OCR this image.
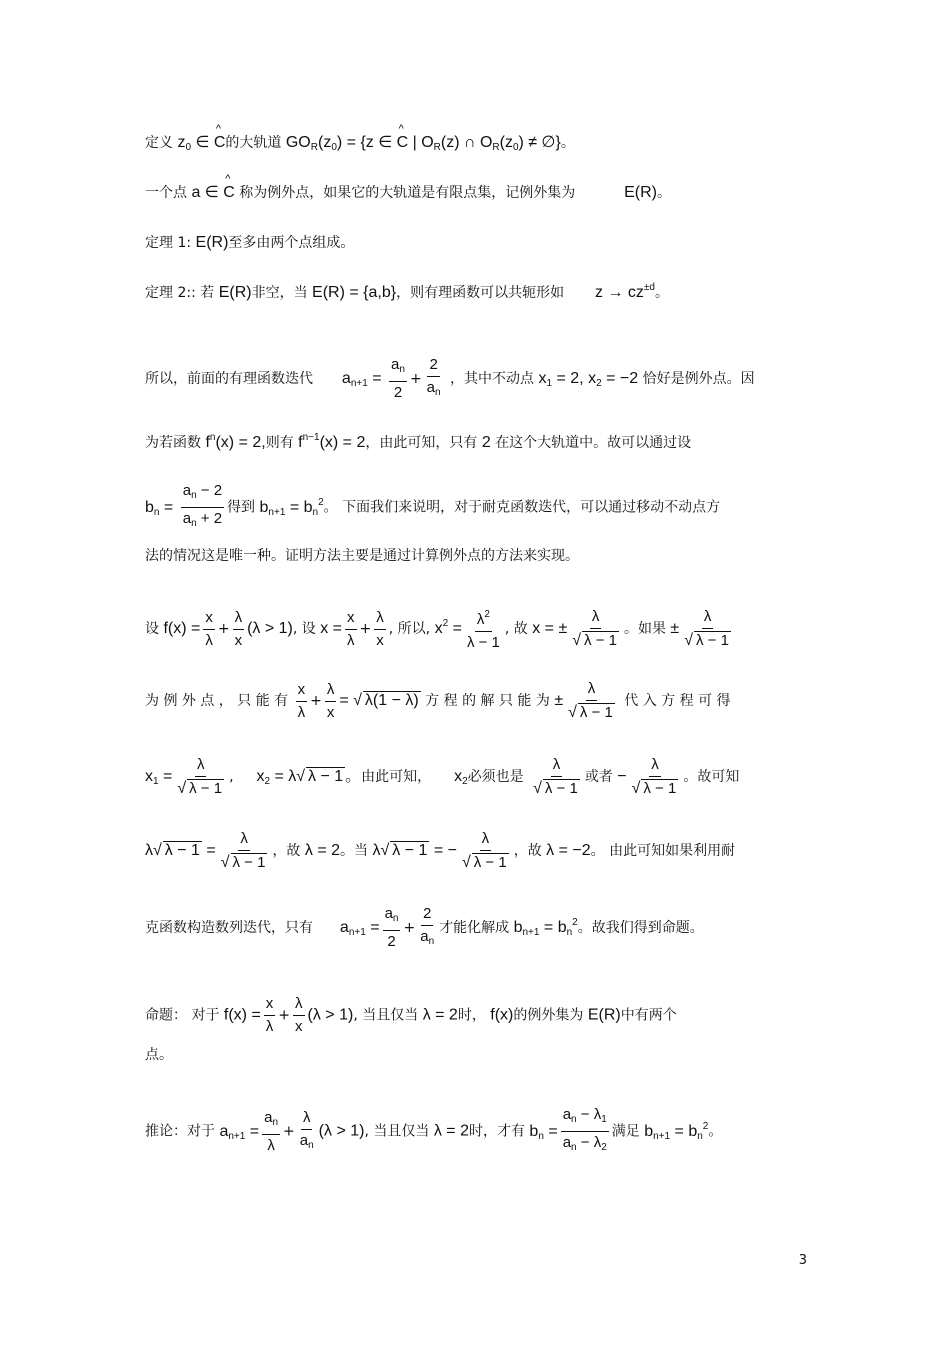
定义 $z_0$ ∈ ^ C的大轨道 $GO_R(z_0) = \{z$ ∈ ^ C | $O_R(z)$ ∩ $O_R(z_0)$ ≠ ∅}。
一个点 a ∈ ^ C 称为例外点，如果它的大轨道是有限点集，记例外集为	E(R)。
定理 1: E(R)至多由两个点组成。
定理 2:: 若 E(R)非空，当 E(R) = {a,b}，则有理函数可以共轭形如 $z \to cz^{\pm d}$。
所以，前面的有理函数迭代 $a_{n+1} = \frac{a_n}{2} + \frac{2}{a_n}$ ，其中不动点 $x_1 = 2$, $x_2 = -2$ 恰好是例外点。因
为若函数 $f^n(x) = 2$,则有 $f^{n-1}(x) = 2$，由此可知，只有 2 在这个大轨道中。故可以通过设
$b_n = \frac{a_n - 2}{a_n + 2}$ 得到 $b_{n+1} = b_n^2$。 下面我们来说明，对于耐克函数迭代，可以通过移动不动点方
法的情况这是唯一种。证明方法主要是通过计算例外点的方法来实现。
设 $f(x) = \frac{x}{\lambda} + \frac{\lambda}{x} (\lambda > 1)$, 设 $x = \frac{x}{\lambda} + \frac{\lambda}{x}$ , 所以, $x^2 = \frac{\lambda^2}{\lambda - 1}$ , 故 x = ± $\frac{\lambda}{√ \lambda - 1}$ 。如果 ± $\frac{\lambda}{√ \lambda - 1}$
为 例 外 点 ， 只 能 有 $\frac{x}{\lambda} + \frac{\lambda}{x}$ = √ λ(1 − λ) 方 程 的 解 只 能 为 ± $\frac{\lambda}{√ \lambda - 1}$ 代 入 方 程 可 得
$x_1 = \frac{\lambda}{√ \lambda - 1}$ ,  $x_2 = \lambda√$ λ − 1 。由此可知， $x_2$必须也是 $\frac{\lambda}{√ \lambda - 1}$ 或者 − $\frac{\lambda}{√ \lambda - 1}$ 。故可知
λ√ $\lambda - 1 = \frac{\lambda}{√ \lambda - 1}$ ，故 λ = 2。当 λ√ λ − 1 = − $\frac{\lambda}{√ \lambda - 1}$ ，故 λ = −2。 由此可知如果利用耐
克函数构造数列迭代，只有 $a_{n+1} = \frac{a_n}{2} + \frac{2}{a_n}$ 才能化解成 $b_{n+1} = b_n^2$。故我们得到命题。
命题： 对于 $f(x) = \frac{x}{\lambda} + \frac{\lambda}{x} (\lambda > 1)$, 当且仅当 λ = 2时， f(x)的例外集为 E(R)中有两个
点。
推论：对于 $a_{n+1} = \frac{a_n}{\lambda} + \frac{\lambda}{a_n} (\lambda > 1)$, 当且仅当 λ = 2时，才有 $b_n = \frac{a_n - \lambda_1}{a_n - \lambda_2}$ 满足 $b_{n+1} = b_n^2$。
3
